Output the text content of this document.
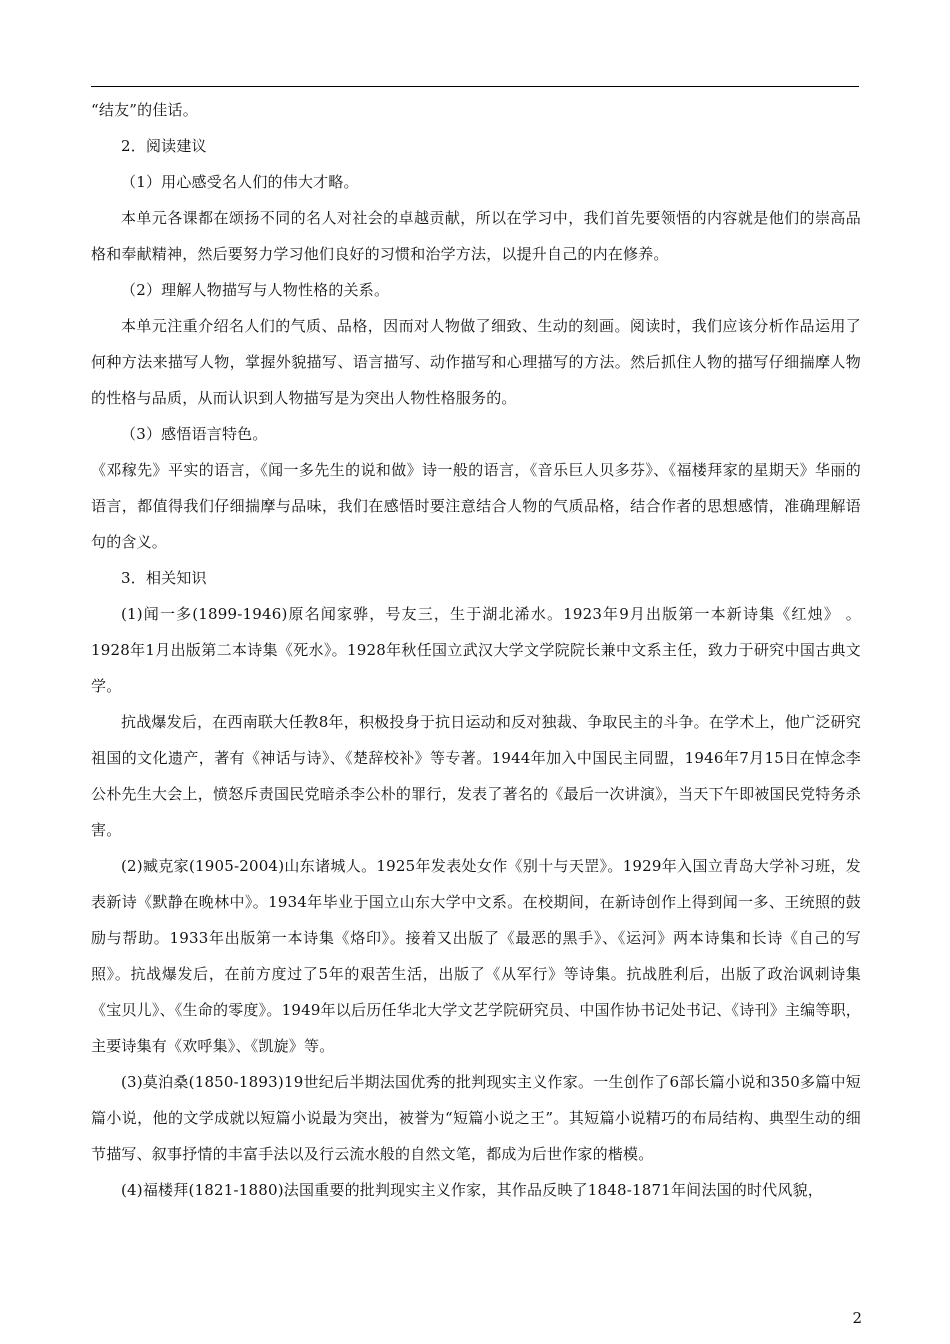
“结友”的佳话。

2．阅读建议

（1）用心感受名人们的伟大才略。

本单元各课都在颂扬不同的名人对社会的卓越贡献，所以在学习中，我们首先要领悟的内容就是他们的崇高品格和奉献精神，然后要努力学习他们良好的习惯和治学方法，以提升自己的内在修养。

（2）理解人物描写与人物性格的关系。

本单元注重介绍名人们的气质、品格，因而对人物做了细致、生动的刻画。阅读时，我们应该分析作品运用了何种方法来描写人物，掌握外貌描写、语言描写、动作描写和心理描写的方法。然后抓住人物的描写仔细揣摩人物的性格与品质，从而认识到人物描写是为突出人物性格服务的。

（3）感悟语言特色。

《邓稼先》平实的语言，《闻一多先生的说和做》诗一般的语言，《音乐巨人贝多芬》、《福楼拜家的星期天》华丽的语言，都值得我们仔细揣摩与品味，我们在感悟时要注意结合人物的气质品格，结合作者的思想感情，准确理解语句的含义。

3．相关知识

(1)闻一多(1899-1946)原名闻家骅，号友三，生于湖北浠水。1923年9月出版第一本新诗集《红烛》 。1928年1月出版第二本诗集《死水》。1928年秋任国立武汉大学文学院院长兼中文系主任，致力于研究中国古典文学。

抗战爆发后，在西南联大任教8年，积极投身于抗日运动和反对独裁、争取民主的斗争。在学术上，他广泛研究祖国的文化遗产，著有《神话与诗》、《楚辞校补》等专著。1944年加入中国民主同盟，1946年7月15日在悼念李公朴先生大会上，愤怒斥责国民党暗杀李公朴的罪行，发表了著名的《最后一次讲演》，当天下午即被国民党特务杀害。

(2)臧克家(1905-2004)山东诸城人。1925年发表处女作《别十与天罡》。1929年入国立青岛大学补习班，发表新诗《默静在晚林中》。1934年毕业于国立山东大学中文系。在校期间，在新诗创作上得到闻一多、王统照的鼓励与帮助。1933年出版第一本诗集《烙印》。接着又出版了《最恶的黑手》、《运河》两本诗集和长诗《自己的写照》。抗战爆发后，在前方度过了5年的艰苦生活，出版了《从军行》等诗集。抗战胜利后，出版了政治讽刺诗集《宝贝儿》、《生命的零度》。1949年以后历任华北大学文艺学院研究员、中国作协书记处书记、《诗刊》主编等职，主要诗集有《欢呼集》、《凯旋》等。

(3)莫泊桑(1850-1893)19世纪后半期法国优秀的批判现实主义作家。一生创作了6部长篇小说和350多篇中短篇小说，他的文学成就以短篇小说最为突出，被誉为“短篇小说之王”。其短篇小说精巧的布局结构、典型生动的细节描写、叙事抒情的丰富手法以及行云流水般的自然文笔，都成为后世作家的楷模。

(4)福楼拜(1821-1880)法国重要的批判现实主义作家，其作品反映了1848-1871年间法国的时代风貌，

2
